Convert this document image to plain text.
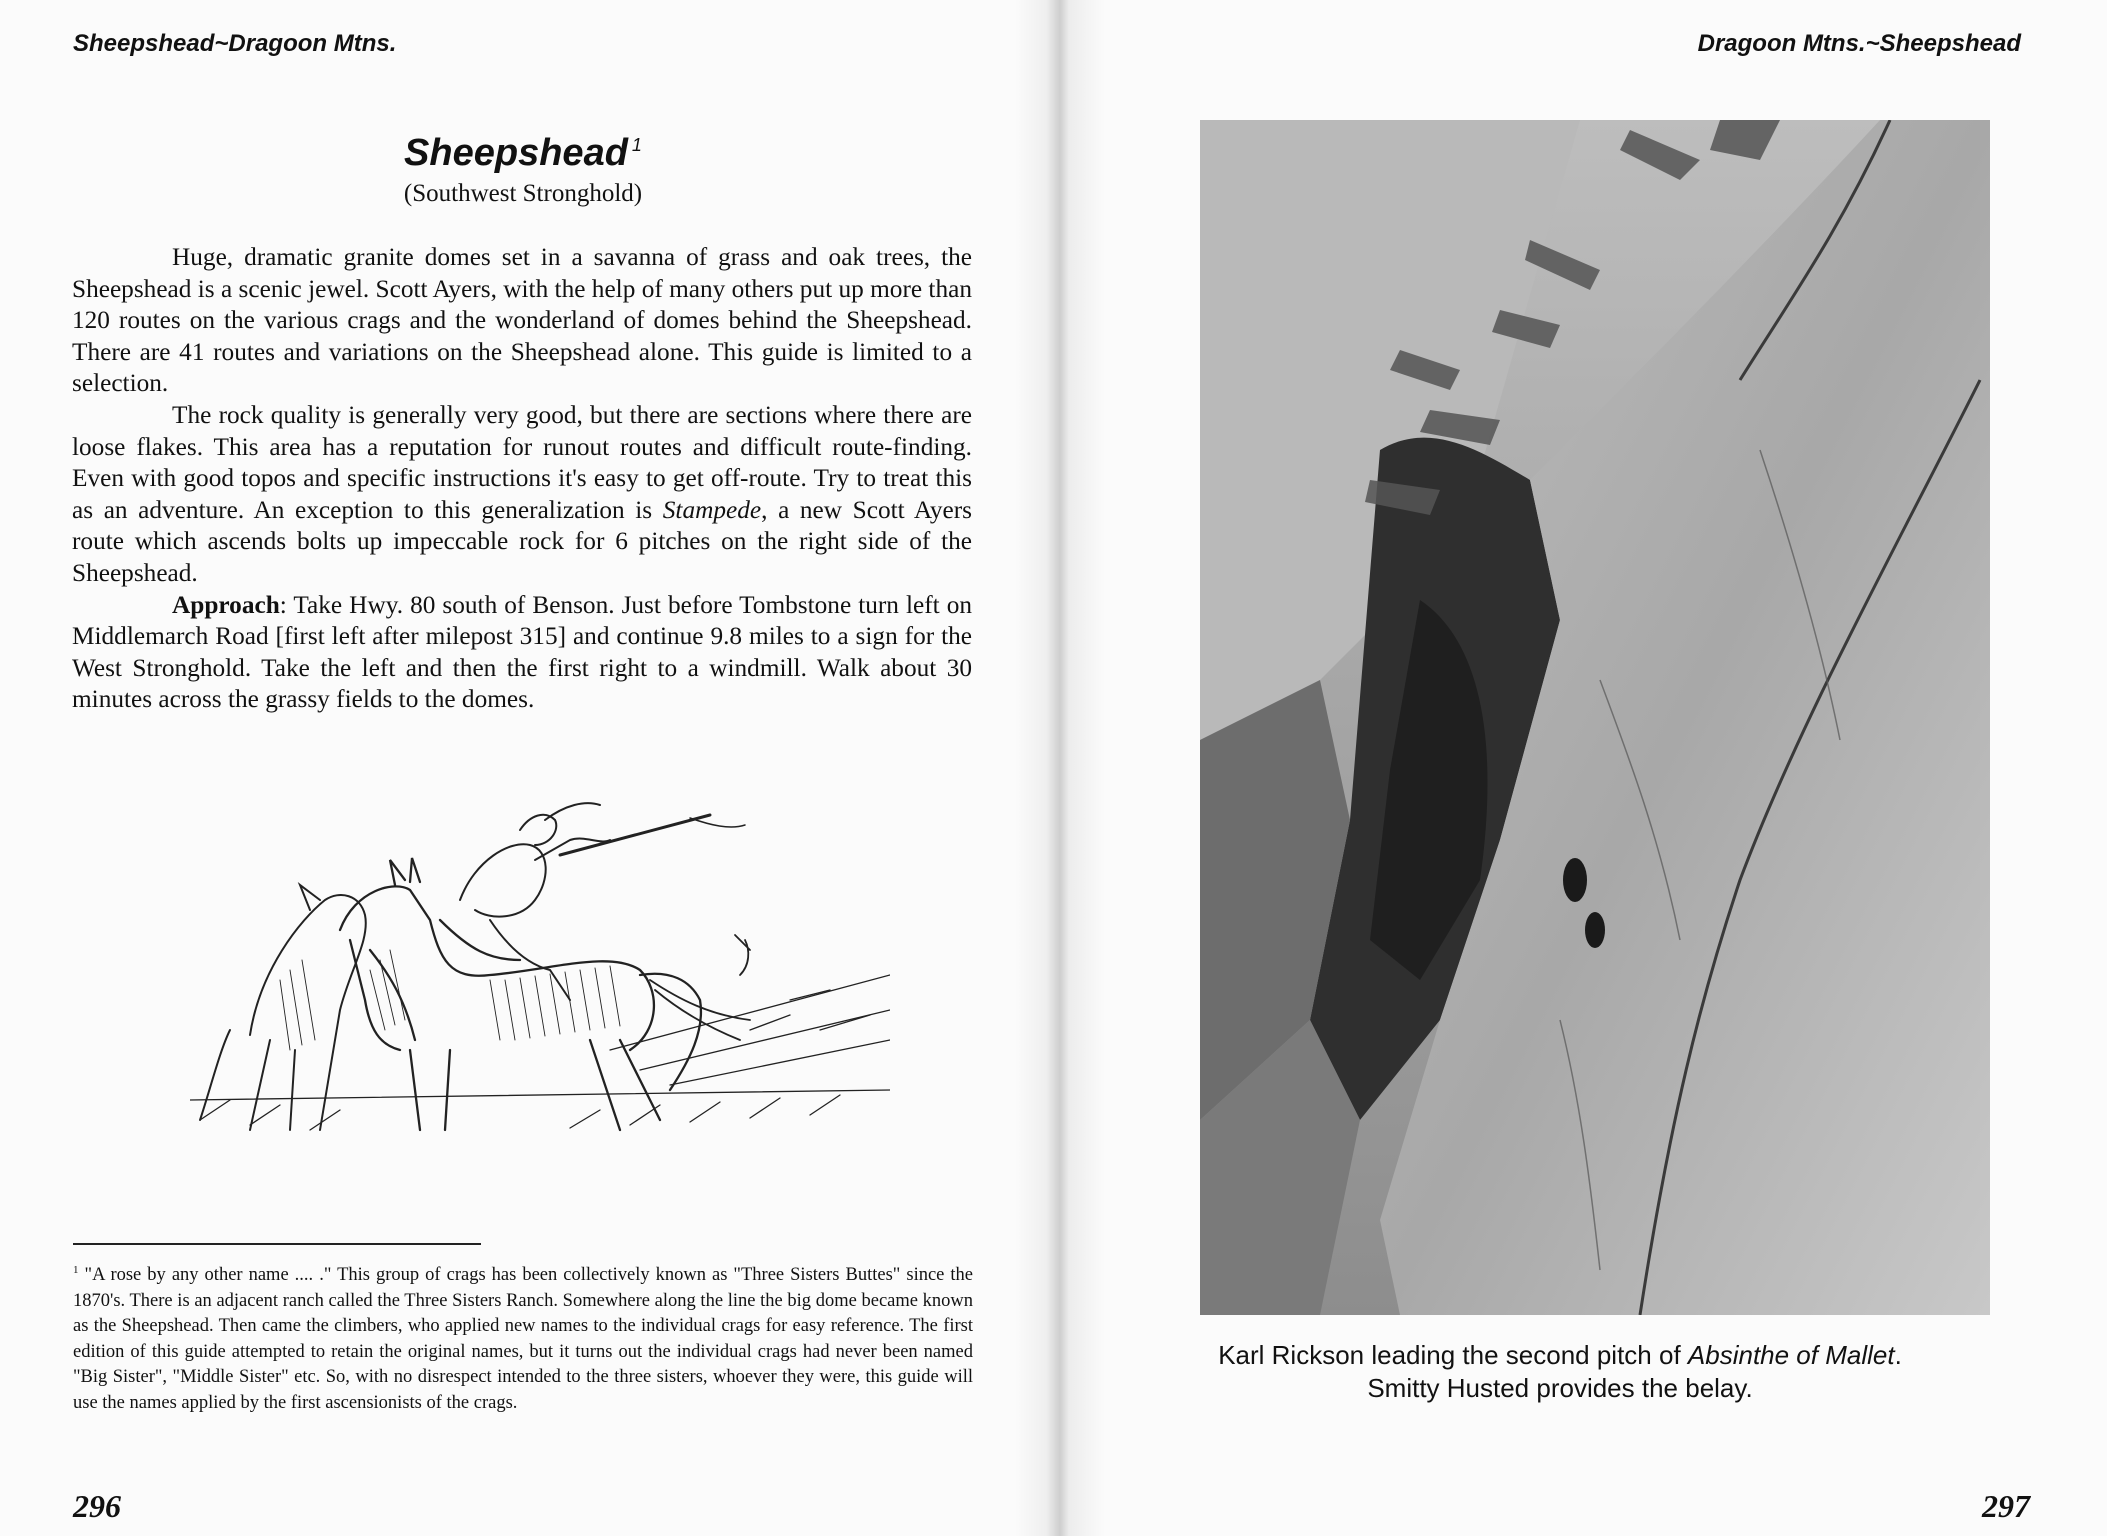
Sheepshead~Dragoon Mtns.
Sheepshead $^1$
(Southwest Stronghold)

Huge, dramatic granite domes set in a savanna of grass and oak trees, the Sheepshead is a scenic jewel. Scott Ayers, with the help of many others put up more than 120 routes on the various crags and the wonderland of domes behind the Sheepshead. There are 41 routes and variations on the Sheepshead alone. This guide is limited to a selection.

The rock quality is generally very good, but there are sections where there are loose flakes. This area has a reputation for runout routes and difficult route-finding. Even with good topos and specific instructions it's easy to get off-route. Try to treat this as an adventure. An exception to this generalization is Stampede, a new Scott Ayers route which ascends bolts up impeccable rock for 6 pitches on the right side of the Sheepshead.

Approach: Take Hwy. 80 south of Benson. Just before Tombstone turn left on Middlemarch Road [first left after milepost 315] and continue 9.8 miles to a sign for the West Stronghold. Take the left and then the first right to a windmill. Walk about 30 minutes across the grassy fields to the domes.

$^1$ "A rose by any other name .... ." This group of crags has been collectively known as "Three Sisters Buttes" since the 1870's. There is an adjacent ranch called the Three Sisters Ranch. Somewhere along the line the big dome became known as the Sheepshead. Then came the climbers, who applied new names to the individual crags for easy reference. The first edition of this guide attempted to retain the original names, but it turns out the individual crags had never been named "Big Sister", "Middle Sister" etc. So, with no disrespect intended to the three sisters, whoever they were, this guide will use the names applied by the first ascensionists of the crags.
296
Dragoon Mtns.~Sheepshead
Karl Rickson leading the second pitch of Absinthe of Mallet.
Smitty Husted provides the belay.
297
